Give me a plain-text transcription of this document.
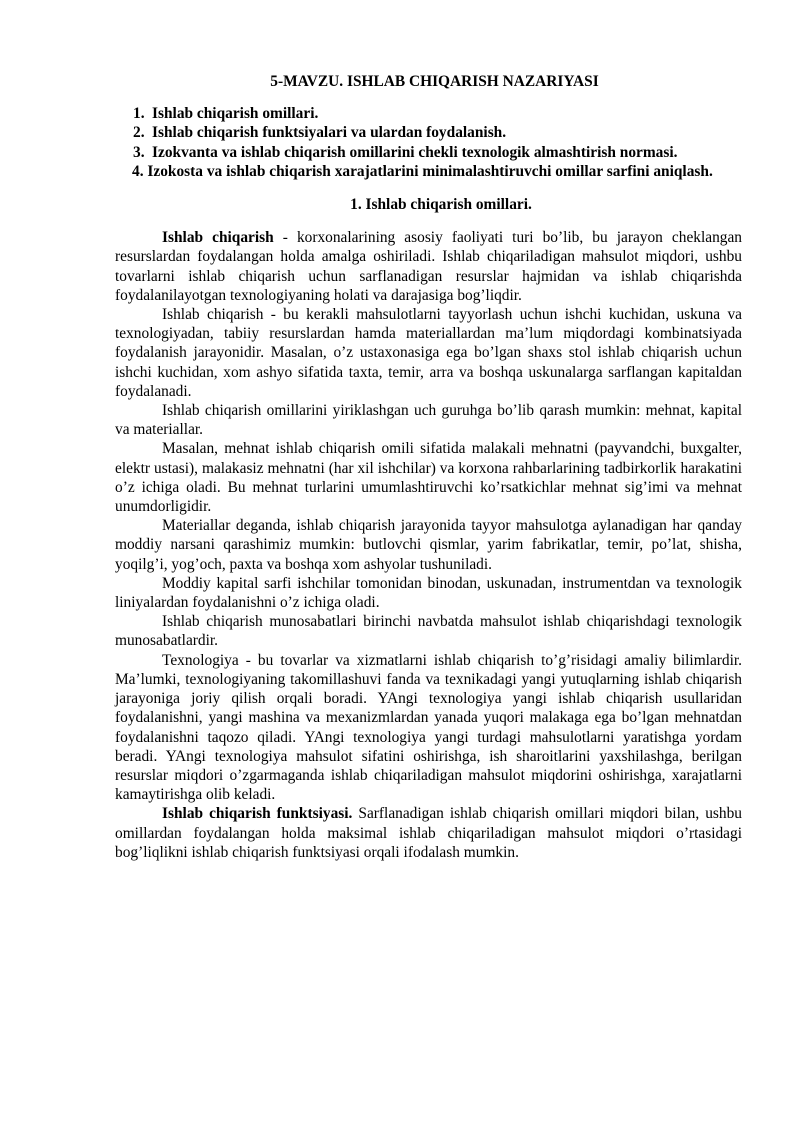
5-MAVZU. ISHLAB CHIQARISH NAZARIYASI
1. Ishlab chiqarish omillari.
2. Ishlab chiqarish funktsiyalari va ulardan foydalanish.
3. Izokvanta va ishlab chiqarish omillarini chekli texnologik almashtirish normasi.
4. Izokosta va ishlab chiqarish xarajatlarini minimalashtiruvchi omillar sarfini aniqlash.
1. Ishlab chiqarish omillari.

Ishlab chiqarish - korxonalarining asosiy faoliyati turi bo’lib, bu jarayon cheklangan resurslardan foydalangan holda amalga oshiriladi. Ishlab chiqariladigan mahsulot miqdori, ushbu tovarlarni ishlab chiqarish uchun sarflanadigan resurslar hajmidan va ishlab chiqarishda foydalanilayotgan texnologiyaning holati va darajasiga bog’liqdir.

Ishlab chiqarish - bu kerakli mahsulotlarni tayyorlash uchun ishchi kuchidan, uskuna va texnologiyadan, tabiiy resurslardan hamda materiallardan ma’lum miqdordagi kombinatsiyada foydalanish jarayonidir. Masalan, o’z ustaxonasiga ega bo’lgan shaxs stol ishlab chiqarish uchun ishchi kuchidan, xom ashyo sifatida taxta, temir, arra va boshqa uskunalarga sarflangan kapitaldan foydalanadi.

Ishlab chiqarish omillarini yiriklashgan uch guruhga bo’lib qarash mumkin: mehnat, kapital va materiallar.

Masalan, mehnat ishlab chiqarish omili sifatida malakali mehnatni (payvandchi, buxgalter, elektr ustasi), malakasiz mehnatni (har xil ishchilar) va korxona rahbarlarining tadbirkorlik harakatini o’z ichiga oladi. Bu mehnat turlarini umumlashtiruvchi ko’rsatkichlar mehnat sig’imi va mehnat unumdorligidir.

Materiallar deganda, ishlab chiqarish jarayonida tayyor mahsulotga aylanadigan har qanday moddiy narsani qarashimiz mumkin: butlovchi qismlar, yarim fabrikatlar, temir, po’lat, shisha, yoqilg’i, yog’och, paxta va boshqa xom ashyolar tushuniladi.

Moddiy kapital sarfi ishchilar tomonidan binodan, uskunadan, instrumentdan va texnologik liniyalardan foydalanishni o’z ichiga oladi.

Ishlab chiqarish munosabatlari birinchi navbatda mahsulot ishlab chiqarishdagi texnologik munosabatlardir.

Texnologiya - bu tovarlar va xizmatlarni ishlab chiqarish to’g’risidagi amaliy bilimlardir. Ma’lumki, texnologiyaning takomillashuvi fanda va texnikadagi yangi yutuqlarning ishlab chiqarish jarayoniga joriy qilish orqali boradi. YAngi texnologiya yangi ishlab chiqarish usullaridan foydalanishni, yangi mashina va mexanizmlardan yanada yuqori malakaga ega bo’lgan mehnatdan foydalanishni taqozo qiladi. YAngi texnologiya yangi turdagi mahsulotlarni yaratishga yordam beradi. YAngi texnologiya mahsulot sifatini oshirishga, ish sharoitlarini yaxshilashga, berilgan resurslar miqdori o’zgarmaganda ishlab chiqariladigan mahsulot miqdorini oshirishga, xarajatlarni kamaytirishga olib keladi.

Ishlab chiqarish funktsiyasi. Sarflanadigan ishlab chiqarish omillari miqdori bilan, ushbu omillardan foydalangan holda maksimal ishlab chiqariladigan mahsulot miqdori o’rtasidagi bog’liqlikni ishlab chiqarish funktsiyasi orqali ifodalash mumkin.
